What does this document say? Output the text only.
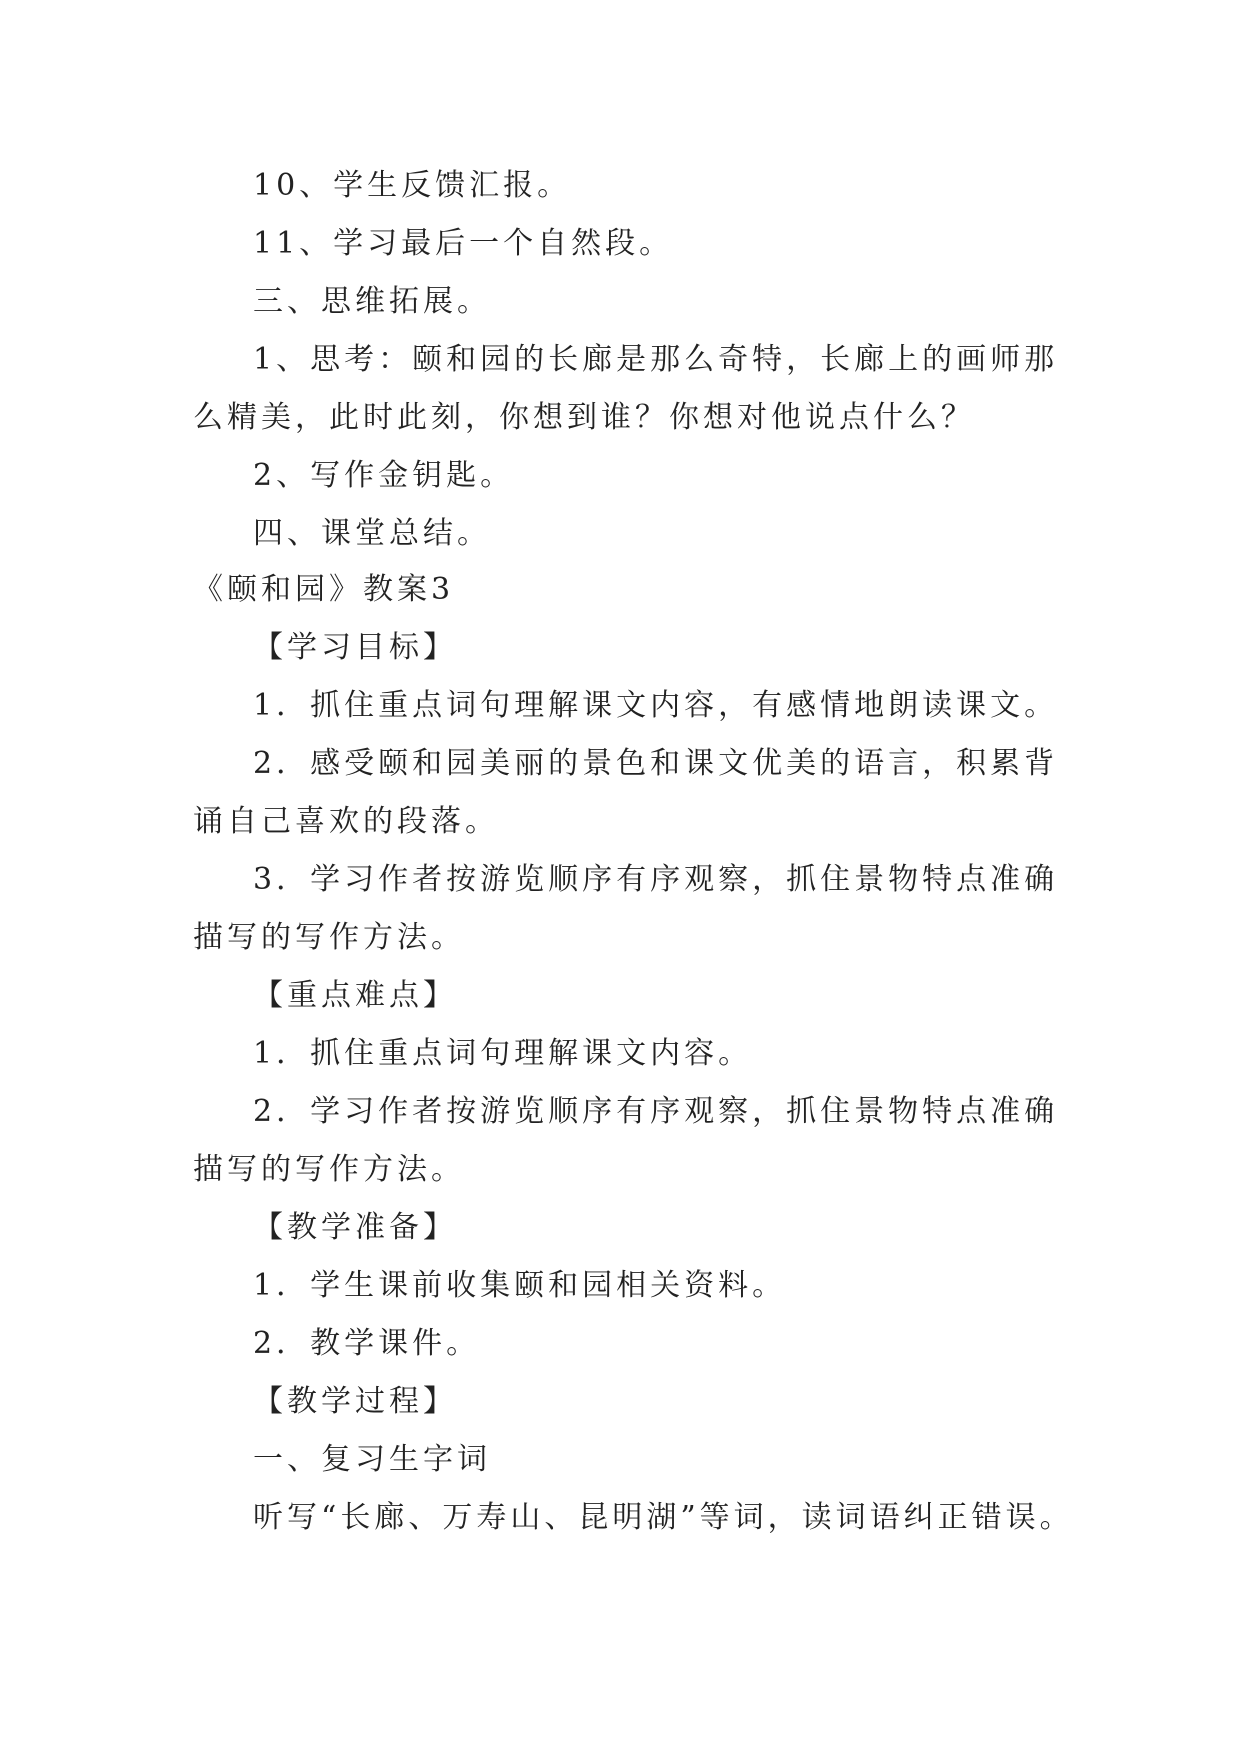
10、学生反馈汇报。
11、学习最后一个自然段。
三、思维拓展。
1、思考：颐和园的长廊是那么奇特，长廊上的画师那
么精美，此时此刻，你想到谁？你想对他说点什么？
2、写作金钥匙。
四、课堂总结。
《颐和园》教案3
【学习目标】
1．抓住重点词句理解课文内容，有感情地朗读课文。
2．感受颐和园美丽的景色和课文优美的语言，积累背
诵自己喜欢的段落。
3．学习作者按游览顺序有序观察，抓住景物特点准确
描写的写作方法。
【重点难点】
1．抓住重点词句理解课文内容。
2．学习作者按游览顺序有序观察，抓住景物特点准确
描写的写作方法。
【教学准备】
1．学生课前收集颐和园相关资料。
2．教学课件。
【教学过程】
一、复习生字词
听写“长廊、万寿山、昆明湖”等词，读词语纠正错误。
